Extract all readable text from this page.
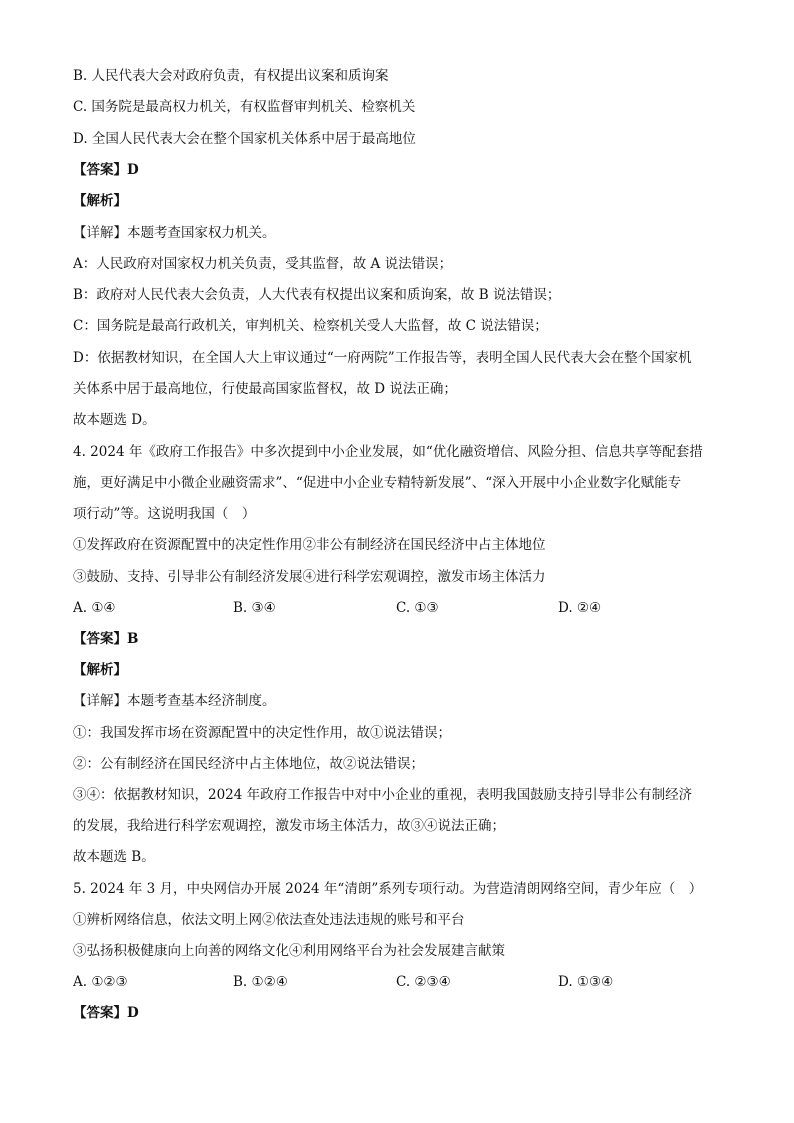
B. 人民代表大会对政府负责，有权提出议案和质询案
C. 国务院是最高权力机关，有权监督审判机关、检察机关
D. 全国人民代表大会在整个国家机关体系中居于最高地位
【答案】D
【解析】
【详解】本题考查国家权力机关。
A：人民政府对国家权力机关负责，受其监督，故 A 说法错误；
B：政府对人民代表大会负责，人大代表有权提出议案和质询案，故 B 说法错误；
C：国务院是最高行政机关，审判机关、检察机关受人大监督，故 C 说法错误；
D：依据教材知识，在全国人大上审议通过“一府两院”工作报告等，表明全国人民代表大会在整个国家机
关体系中居于最高地位，行使最高国家监督权，故 D 说法正确；
故本题选 D。
4. 2024 年《政府工作报告》中多次提到中小企业发展，如“优化融资增信、风险分担、信息共享等配套措
施，更好满足中小微企业融资需求”、“促进中小企业专精特新发展”、“深入开展中小企业数字化赋能专
项行动”等。这说明我国（　）
①发挥政府在资源配置中的决定性作用②非公有制经济在国民经济中占主体地位
③鼓励、支持、引导非公有制经济发展④进行科学宏观调控，激发市场主体活力
A. ①④	B. ③④	C. ①③	D. ②④
【答案】B
【解析】
【详解】本题考查基本经济制度。
①：我国发挥市场在资源配置中的决定性作用，故①说法错误；
②：公有制经济在国民经济中占主体地位，故②说法错误；
③④：依据教材知识，2024 年政府工作报告中对中小企业的重视，表明我国鼓励支持引导非公有制经济
的发展，我给进行科学宏观调控，激发市场主体活力，故③④说法正确；
故本题选 B。
5. 2024 年 3 月，中央网信办开展 2024 年“清朗”系列专项行动。为营造清朗网络空间，青少年应（　）
①辨析网络信息，依法文明上网②依法查处违法违规的账号和平台
③弘扬积极健康向上向善的网络文化④利用网络平台为社会发展建言献策
A. ①②③	B. ①②④	C. ②③④	D. ①③④
【答案】D
